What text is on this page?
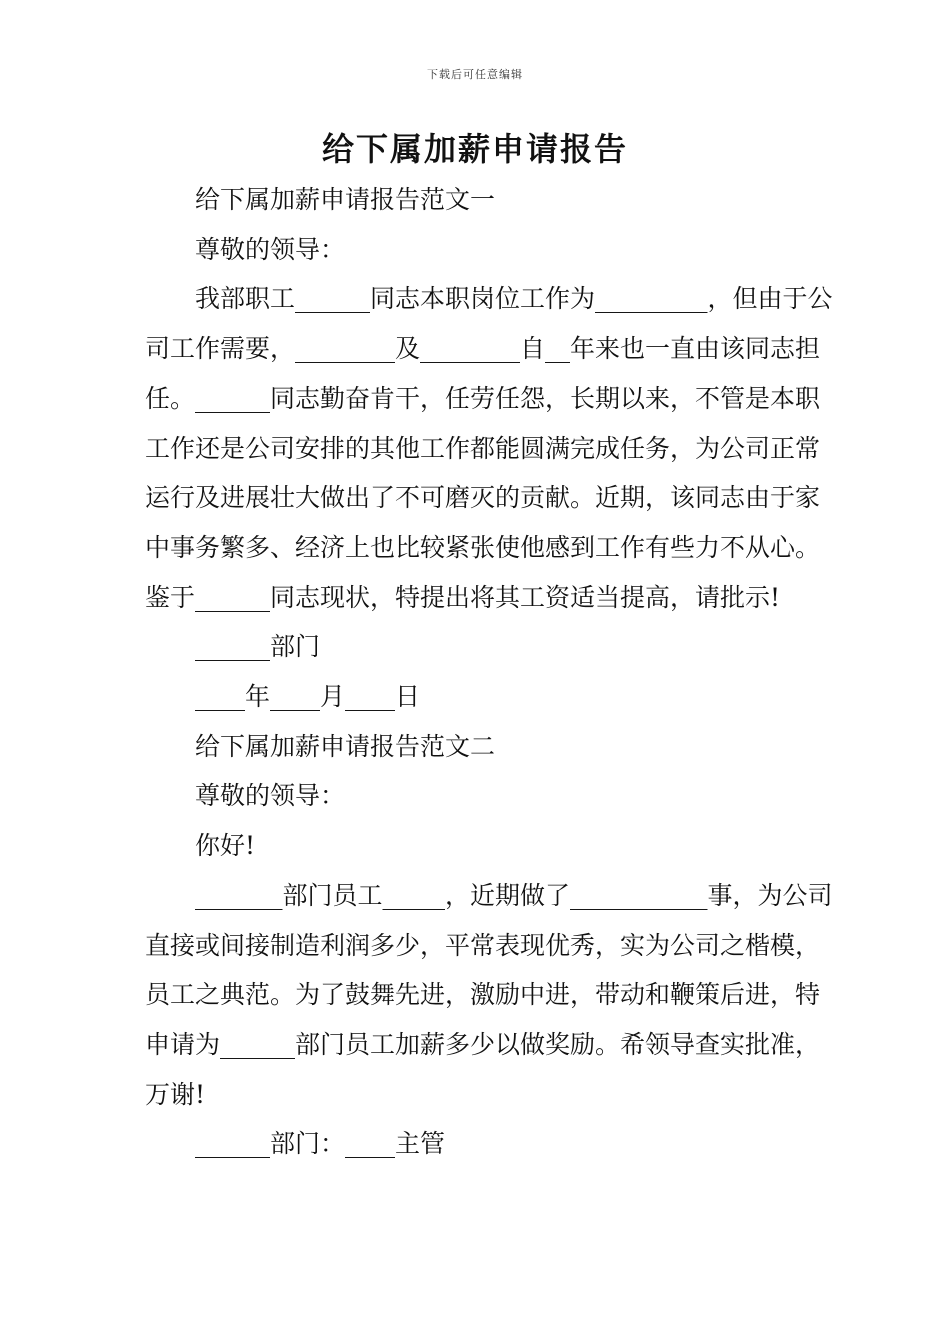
下载后可任意编辑
给下属加薪申请报告

给下属加薪申请报告范文一

尊敬的领导：

我部职工______同志本职岗位工作为_________，但由于公司工作需要，________及________自__年来也一直由该同志担任。______同志勤奋肯干，任劳任怨，长期以来，不管是本职工作还是公司安排的其他工作都能圆满完成任务，为公司正常运行及进展壮大做出了不可磨灭的贡献。近期，该同志由于家中事务繁多、经济上也比较紧张使他感到工作有些力不从心。鉴于______同志现状，特提出将其工资适当提高，请批示!

______部门

____年____月____日

给下属加薪申请报告范文二

尊敬的领导：

你好!

_______部门员工_____，近期做了___________事，为公司直接或间接制造利润多少，平常表现优秀，实为公司之楷模，员工之典范。为了鼓舞先进，激励中进，带动和鞭策后进，特申请为______部门员工加薪多少以做奖励。希领导查实批准，万谢!

______部门：____主管
